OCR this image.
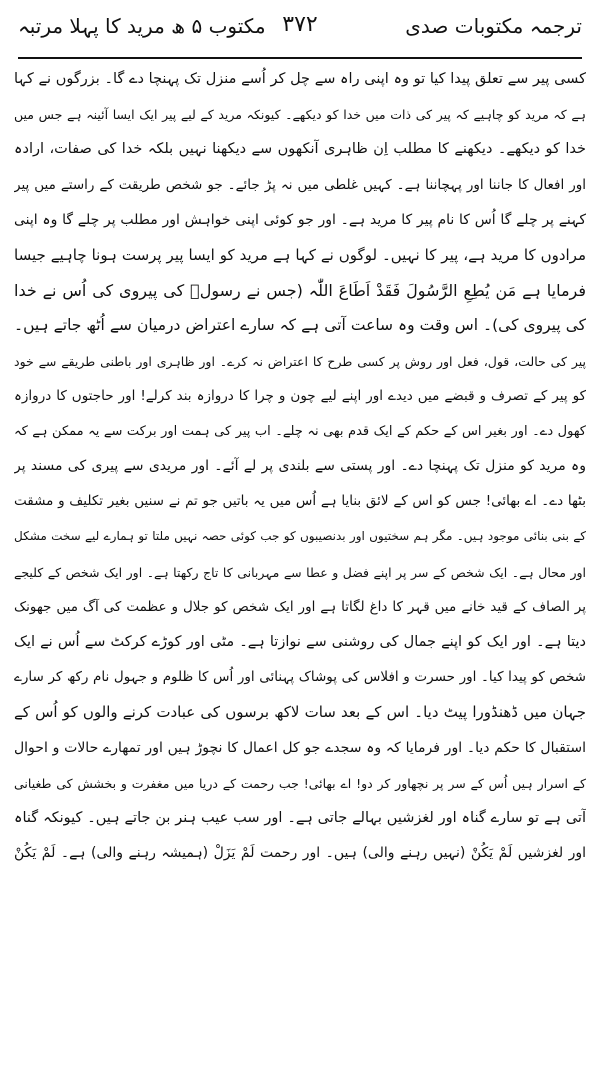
ترجمہ مکتوبات صدی
۳۷۲
مکتوب ۵ ھ مرید کا پہلا مرتبہ
کسی پیر سے تعلق پیدا کیا تو وہ اپنی راہ سے چل کر اُسے منزل تک پہنچا دے گا۔ بزرگوں نے کہا
ہے کہ مرید کو چاہیے کہ پیر کی ذات میں خدا کو دیکھے۔ کیونکہ مرید کے لیے پیر ایک ایسا آئینہ ہے جس میں
خدا کو دیکھے۔ دیکھنے کا مطلب اِن ظاہری آنکھوں سے دیکھنا نہیں بلکہ خدا کی صفات، ارادہ
اور افعال کا جاننا اور پہچاننا ہے۔ کہیں غلطی میں نہ پڑ جائے۔ جو شخص طریقت کے راستے میں پیر
کہنے پر چلے گا اُس کا نام پیر کا مرید ہے۔ اور جو کوئی اپنی خواہش اور مطلب پر چلے گا وہ اپنی
مرادوں کا مرید ہے، پیر کا نہیں۔ لوگوں نے کہا ہے مرید کو ایسا پیر پرست ہونا چاہیے جیسا
فرمایا ہے مَن یُطِعِ الرَّسُولَ فَقَدْ اَطَاعَ اللّٰہ (جس نے رسولؐ کی پیروی کی اُس نے خدا
کی پیروی کی)۔ اس وقت وہ ساعت آتی ہے کہ سارے اعتراض درمیان سے اُٹھ جاتے ہیں۔
پیر کی حالت، قول، فعل اور روش پر کسی طرح کا اعتراض نہ کرے۔ اور ظاہری اور باطنی طریقے سے خود
کو پیر کے تصرف و قبضے میں دیدے اور اپنے لیے چون و چرا کا دروازہ بند کرلے! اور حاجتوں کا دروازہ
کھول دے۔ اور بغیر اس کے حکم کے ایک قدم بھی نہ چلے۔ اب پیر کی ہمت اور برکت سے یہ ممکن ہے کہ
وہ مرید کو منزل تک پہنچا دے۔ اور پستی سے بلندی پر لے آئے۔ اور مریدی سے پیری کی مسند پر
بٹھا دے۔ اے بھائی! جس کو اس کے لائق بنایا ہے اُس میں یہ باتیں جو تم نے سنیں بغیر تکلیف و مشقت
کے بنی بنائی موجود ہیں۔ مگر ہم سختیوں اور بدنصیبوں کو جب کوئی حصہ نہیں ملتا تو ہمارے لیے سخت مشکل
اور محال ہے۔ ایک شخص کے سر پر اپنے فضل و عطا سے مہربانی کا تاج رکھتا ہے۔ اور ایک شخص کے کلیجے
پر الصاف کے قید خانے میں قہر کا داغ لگاتا ہے اور ایک شخص کو جلال و عظمت کی آگ میں جھونک
دیتا ہے۔ اور ایک کو اپنے جمال کی روشنی سے نوازتا ہے۔ مٹی اور کوڑے کرکٹ سے اُس نے ایک
شخص کو پیدا کیا۔ اور حسرت و افلاس کی پوشاک پہنائی اور اُس کا ظلوم و جہول نام رکھ کر سارے
جہان میں ڈھنڈورا پیٹ دیا۔ اس کے بعد سات لاکھ برسوں کی عبادت کرنے والوں کو اُس کے
استقبال کا حکم دیا۔ اور فرمایا کہ وہ سجدے جو کل اعمال کا نچوڑ ہیں اور تمھارے حالات و احوال
کے اسرار ہیں اُس کے سر پر نچھاور کر دو! اے بھائی! جب رحمت کے دریا میں مغفرت و بخشش کی طغیانی
آتی ہے تو سارے گناہ اور لغزشیں بہالے جاتی ہے۔ اور سب عیب ہنر بن جاتے ہیں۔ کیونکہ گناہ
اور لغزشیں لَمْ یَکُنْ (نہیں رہنے والی) ہیں۔ اور رحمت لَمْ یَزَلْ (ہمیشہ رہنے والی) ہے۔ لَمْ یَکُنْ
